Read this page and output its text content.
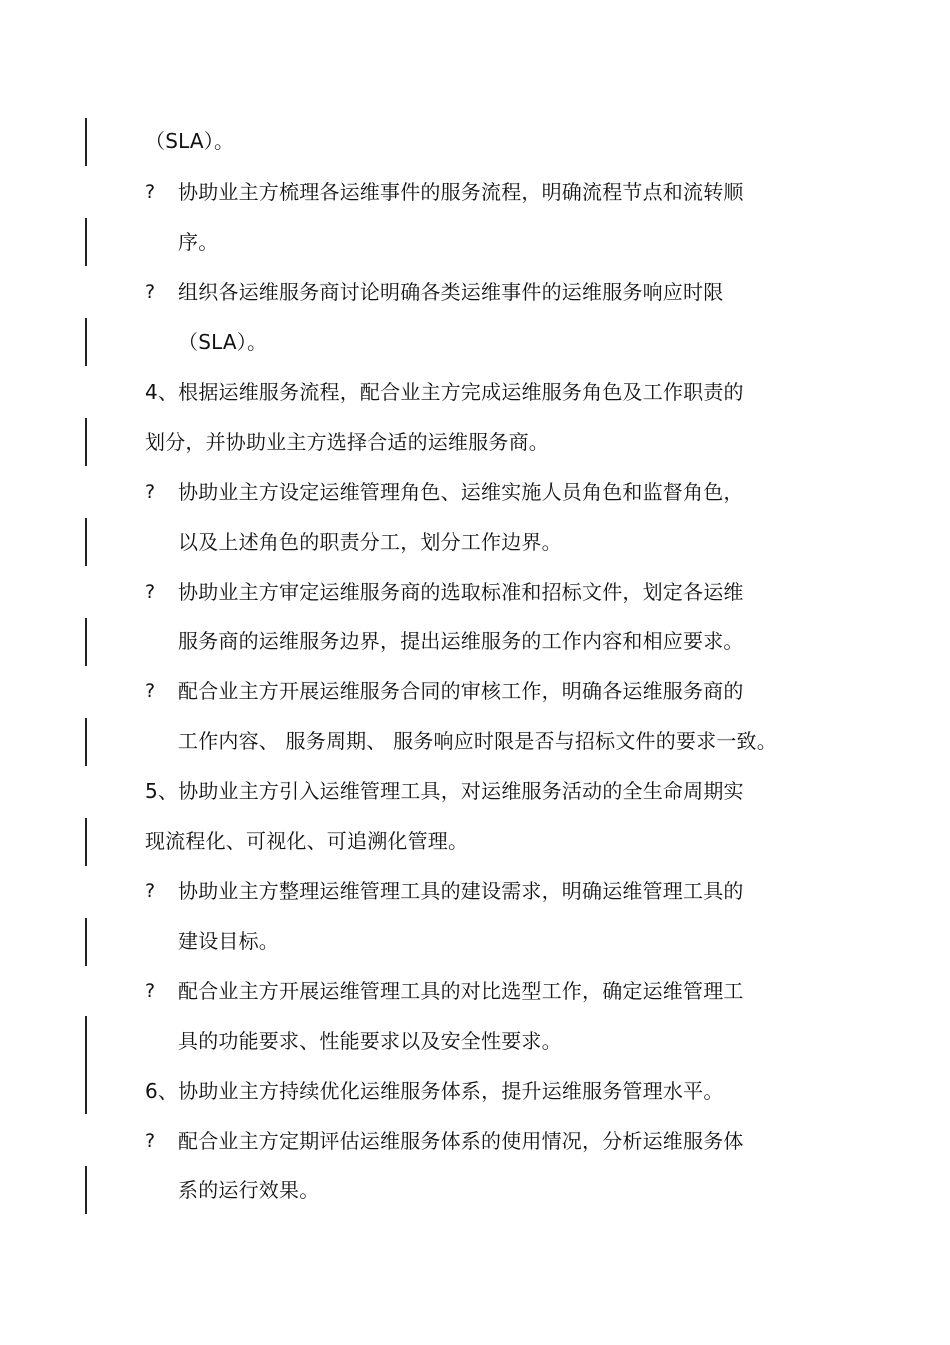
（SLA）。
? 协助业主方梳理各运维事件的服务流程，明确流程节点和流转顺
序。
? 组织各运维服务商讨论明确各类运维事件的运维服务响应时限
（SLA）。
4、根据运维服务流程，配合业主方完成运维服务角色及工作职责的
划分，并协助业主方选择合适的运维服务商。
? 协助业主方设定运维管理角色、运维实施人员角色和监督角色，
以及上述角色的职责分工，划分工作边界。
? 协助业主方审定运维服务商的选取标准和招标文件，划定各运维
服务商的运维服务边界，提出运维服务的工作内容和相应要求。
? 配合业主方开展运维服务合同的审核工作，明确各运维服务商的
工作内容、 服务周期、 服务响应时限是否与招标文件的要求一致。
5、协助业主方引入运维管理工具，对运维服务活动的全生命周期实
现流程化、可视化、可追溯化管理。
? 协助业主方整理运维管理工具的建设需求，明确运维管理工具的
建设目标。
? 配合业主方开展运维管理工具的对比选型工作，确定运维管理工
具的功能要求、性能要求以及安全性要求。
6、协助业主方持续优化运维服务体系，提升运维服务管理水平。
? 配合业主方定期评估运维服务体系的使用情况，分析运维服务体
系的运行效果。
